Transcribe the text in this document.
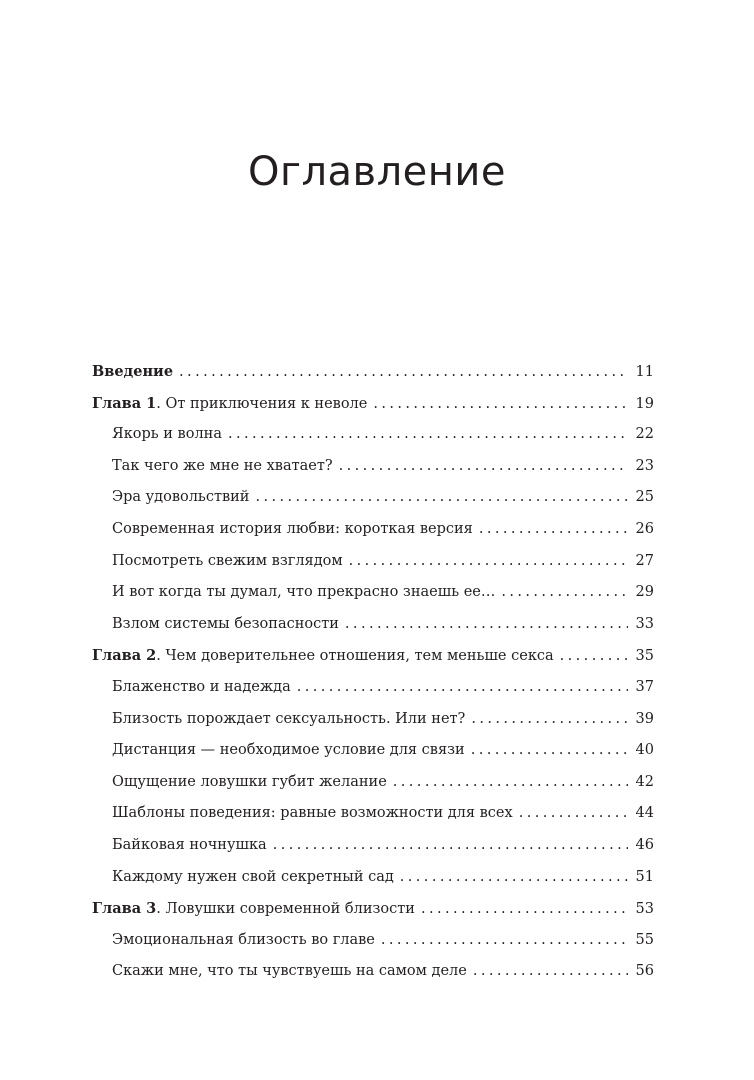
Оглавление
Введение .....	11
Глава 1. От приключения к неволе .....	19
Якорь и волна .....	22
Так чего же мне не хватает? .....	23
Эра удовольствий .....	25
Современная история любви: короткая версия .....	26
Посмотреть свежим взглядом .....	27
И вот когда ты думал, что прекрасно знаешь ее… .....	29
Взлом системы безопасности .....	33
Глава 2. Чем доверительнее отношения, тем меньше секса .....	35
Блаженство и надежда .....	37
Близость порождает сексуальность. Или нет? .....	39
Дистанция — необходимое условие для связи .....	40
Ощущение ловушки губит желание .....	42
Шаблоны поведения: равные возможности для всех .....	44
Байковая ночнушка .....	46
Каждому нужен свой секретный сад .....	51
Глава 3. Ловушки современной близости .....	53
Эмоциональная близость во главе .....	55
Скажи мне, что ты чувствуешь на самом деле .....	56
